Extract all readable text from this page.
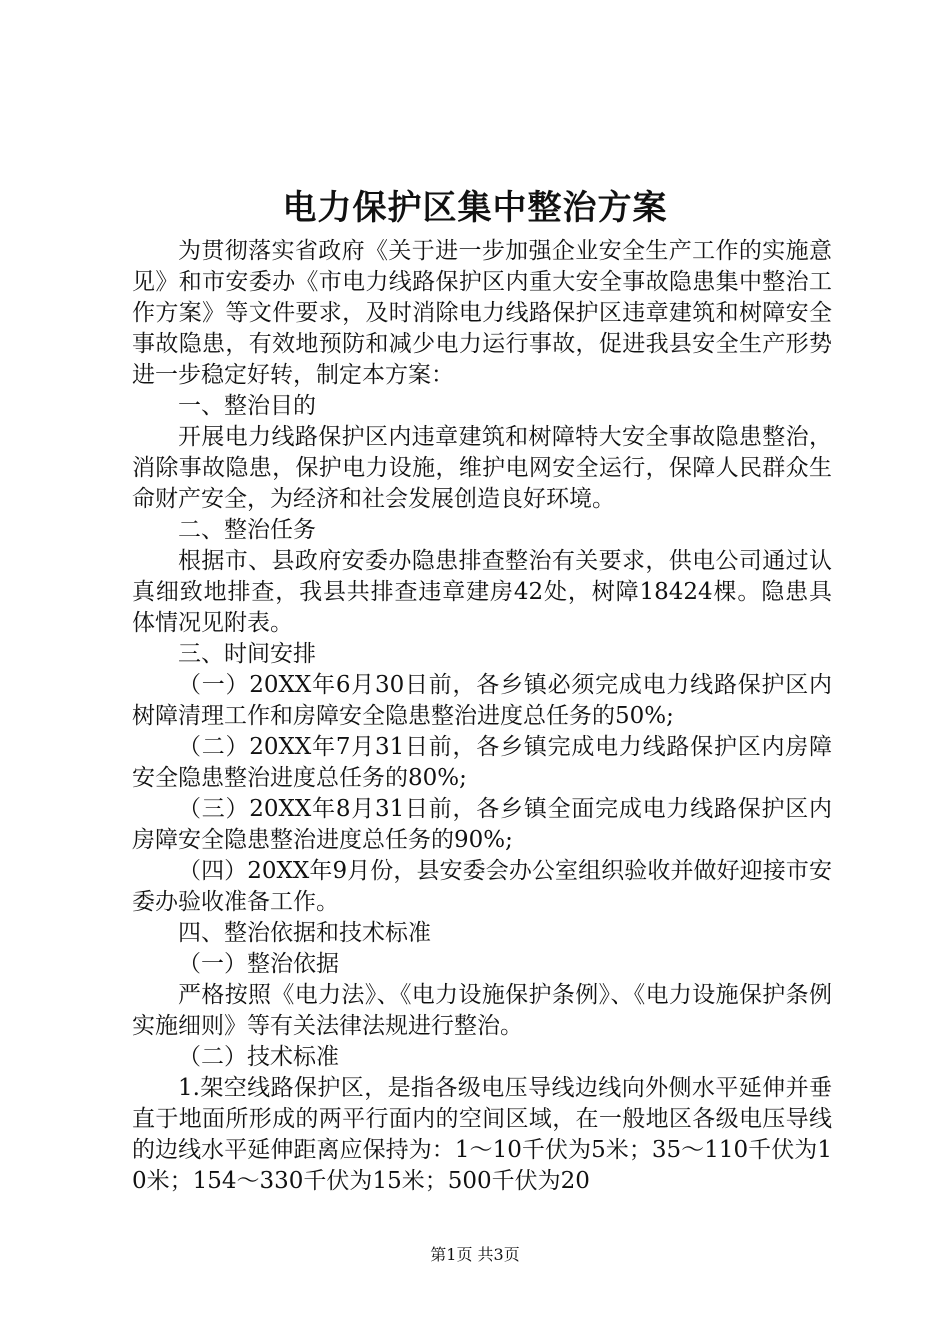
电力保护区集中整治方案

为贯彻落实省政府《关于进一步加强企业安全生产工作的实施意见》和市安委办《市电力线路保护区内重大安全事故隐患集中整治工作方案》等文件要求，及时消除电力线路保护区违章建筑和树障安全事故隐患，有效地预防和减少电力运行事故，促进我县安全生产形势进一步稳定好转，制定本方案：

一、整治目的

开展电力线路保护区内违章建筑和树障特大安全事故隐患整治，消除事故隐患，保护电力设施，维护电网安全运行，保障人民群众生命财产安全，为经济和社会发展创造良好环境。

二、整治任务

根据市、县政府安委办隐患排查整治有关要求，供电公司通过认真细致地排查，我县共排查违章建房42处，树障18424棵。隐患具体情况见附表。

三、时间安排

（一）20XX年6月30日前，各乡镇必须完成电力线路保护区内树障清理工作和房障安全隐患整治进度总任务的50%;

（二）20XX年7月31日前，各乡镇完成电力线路保护区内房障安全隐患整治进度总任务的80%;

（三）20XX年8月31日前，各乡镇全面完成电力线路保护区内房障安全隐患整治进度总任务的90%;

（四）20XX年9月份，县安委会办公室组织验收并做好迎接市安委办验收准备工作。

四、整治依据和技术标准

（一）整治依据

严格按照《电力法》、《电力设施保护条例》、《电力设施保护条例实施细则》等有关法律法规进行整治。

（二）技术标准

1.架空线路保护区，是指各级电压导线边线向外侧水平延伸并垂直于地面所形成的两平行面内的空间区域，在一般地区各级电压导线的边线水平延伸距离应保持为：1～10千伏为5米；35～110千伏为10米；154～330千伏为15米；500千伏为20

第1页 共3页
